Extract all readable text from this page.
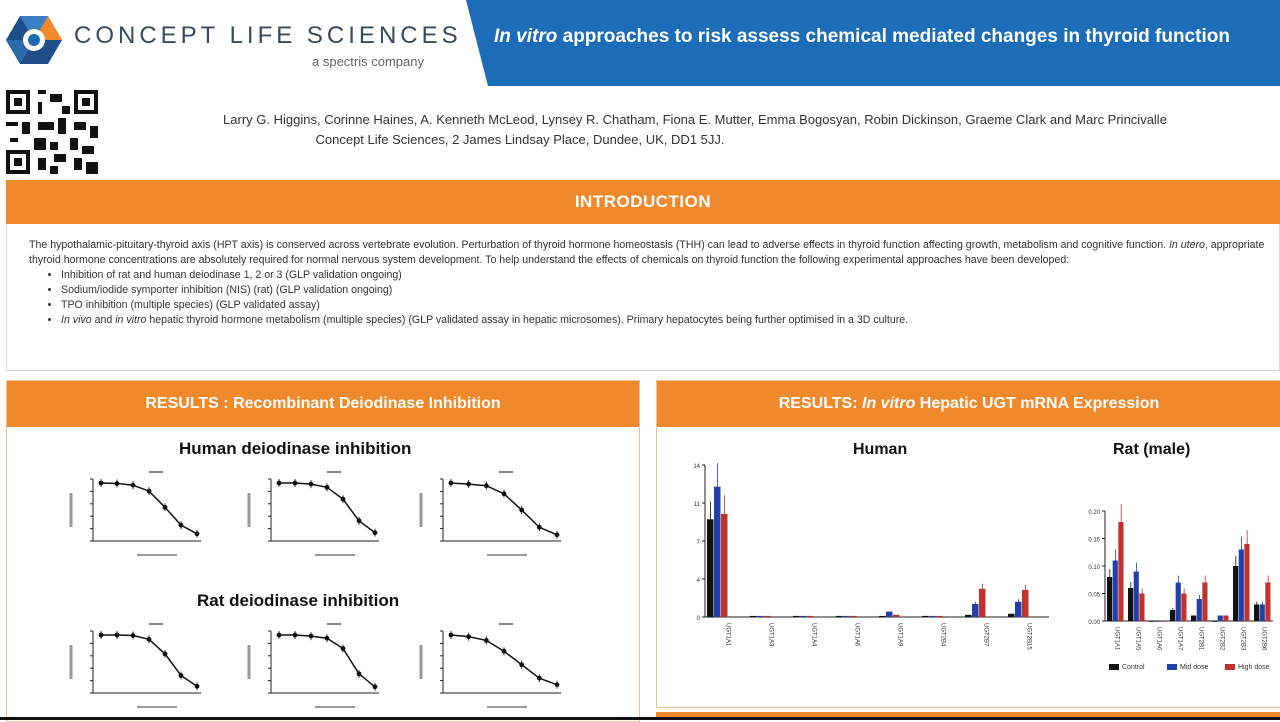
CONCEPT LIFE SCIENCES
a spectris company
In vitro approaches to risk assess chemical mediated changes in thyroid function
Larry G. Higgins, Corinne Haines, A. Kenneth McLeod, Lynsey R. Chatham, Fiona E. Mutter, Emma Bogosyan, Robin Dickinson, Graeme Clark and Marc Princivalle
Concept Life Sciences, 2 James Lindsay Place, Dundee, UK, DD1 5JJ.
INTRODUCTION
The hypothalamic-pituitary-thyroid axis (HPT axis) is conserved across vertebrate evolution. Perturbation of thyroid hormone homeostasis (THH) can lead to adverse effects in thyroid function affecting growth, metabolism and cognitive function. In utero, appropriate thyroid hormone concentrations are absolutely required for normal nervous system development. To help understand the effects of chemicals on thyroid function the following experimental approaches have been developed:
• Inhibition of rat and human deiodinase 1, 2 or 3 (GLP validation ongoing)
• Sodium/iodide symporter inhibition (NIS) (rat) (GLP validation ongoing)
• TPO inhibition (multiple species) (GLP validated assay)
• In vivo and in vitro hepatic thyroid hormone metabolism (multiple species) (GLP validated assay in hepatic microsomes). Primary hepatocytes being further optimised in a 3D culture.
RESULTS : Recombinant Deiodinase Inhibition
Human deiodinase inhibition
Rat deiodinase inhibition
RESULTS: In vitro Hepatic UGT mRNA Expression
Human	Rat (male)
0
4
7
11
14
UGT1A1	UGT1A3	UGT1A4	UGT1A6	UGT1A9	UGT2B4	UGT2B7	UGT2B15	0.00
0.05
0.10
0.15
0.20
UGT1A1	UGT1A5	UGT1A6	UGT1A7	UGT2B1	UGT2B2	UGT2B3	UGT2B6
Control	Mid dose	High dose
